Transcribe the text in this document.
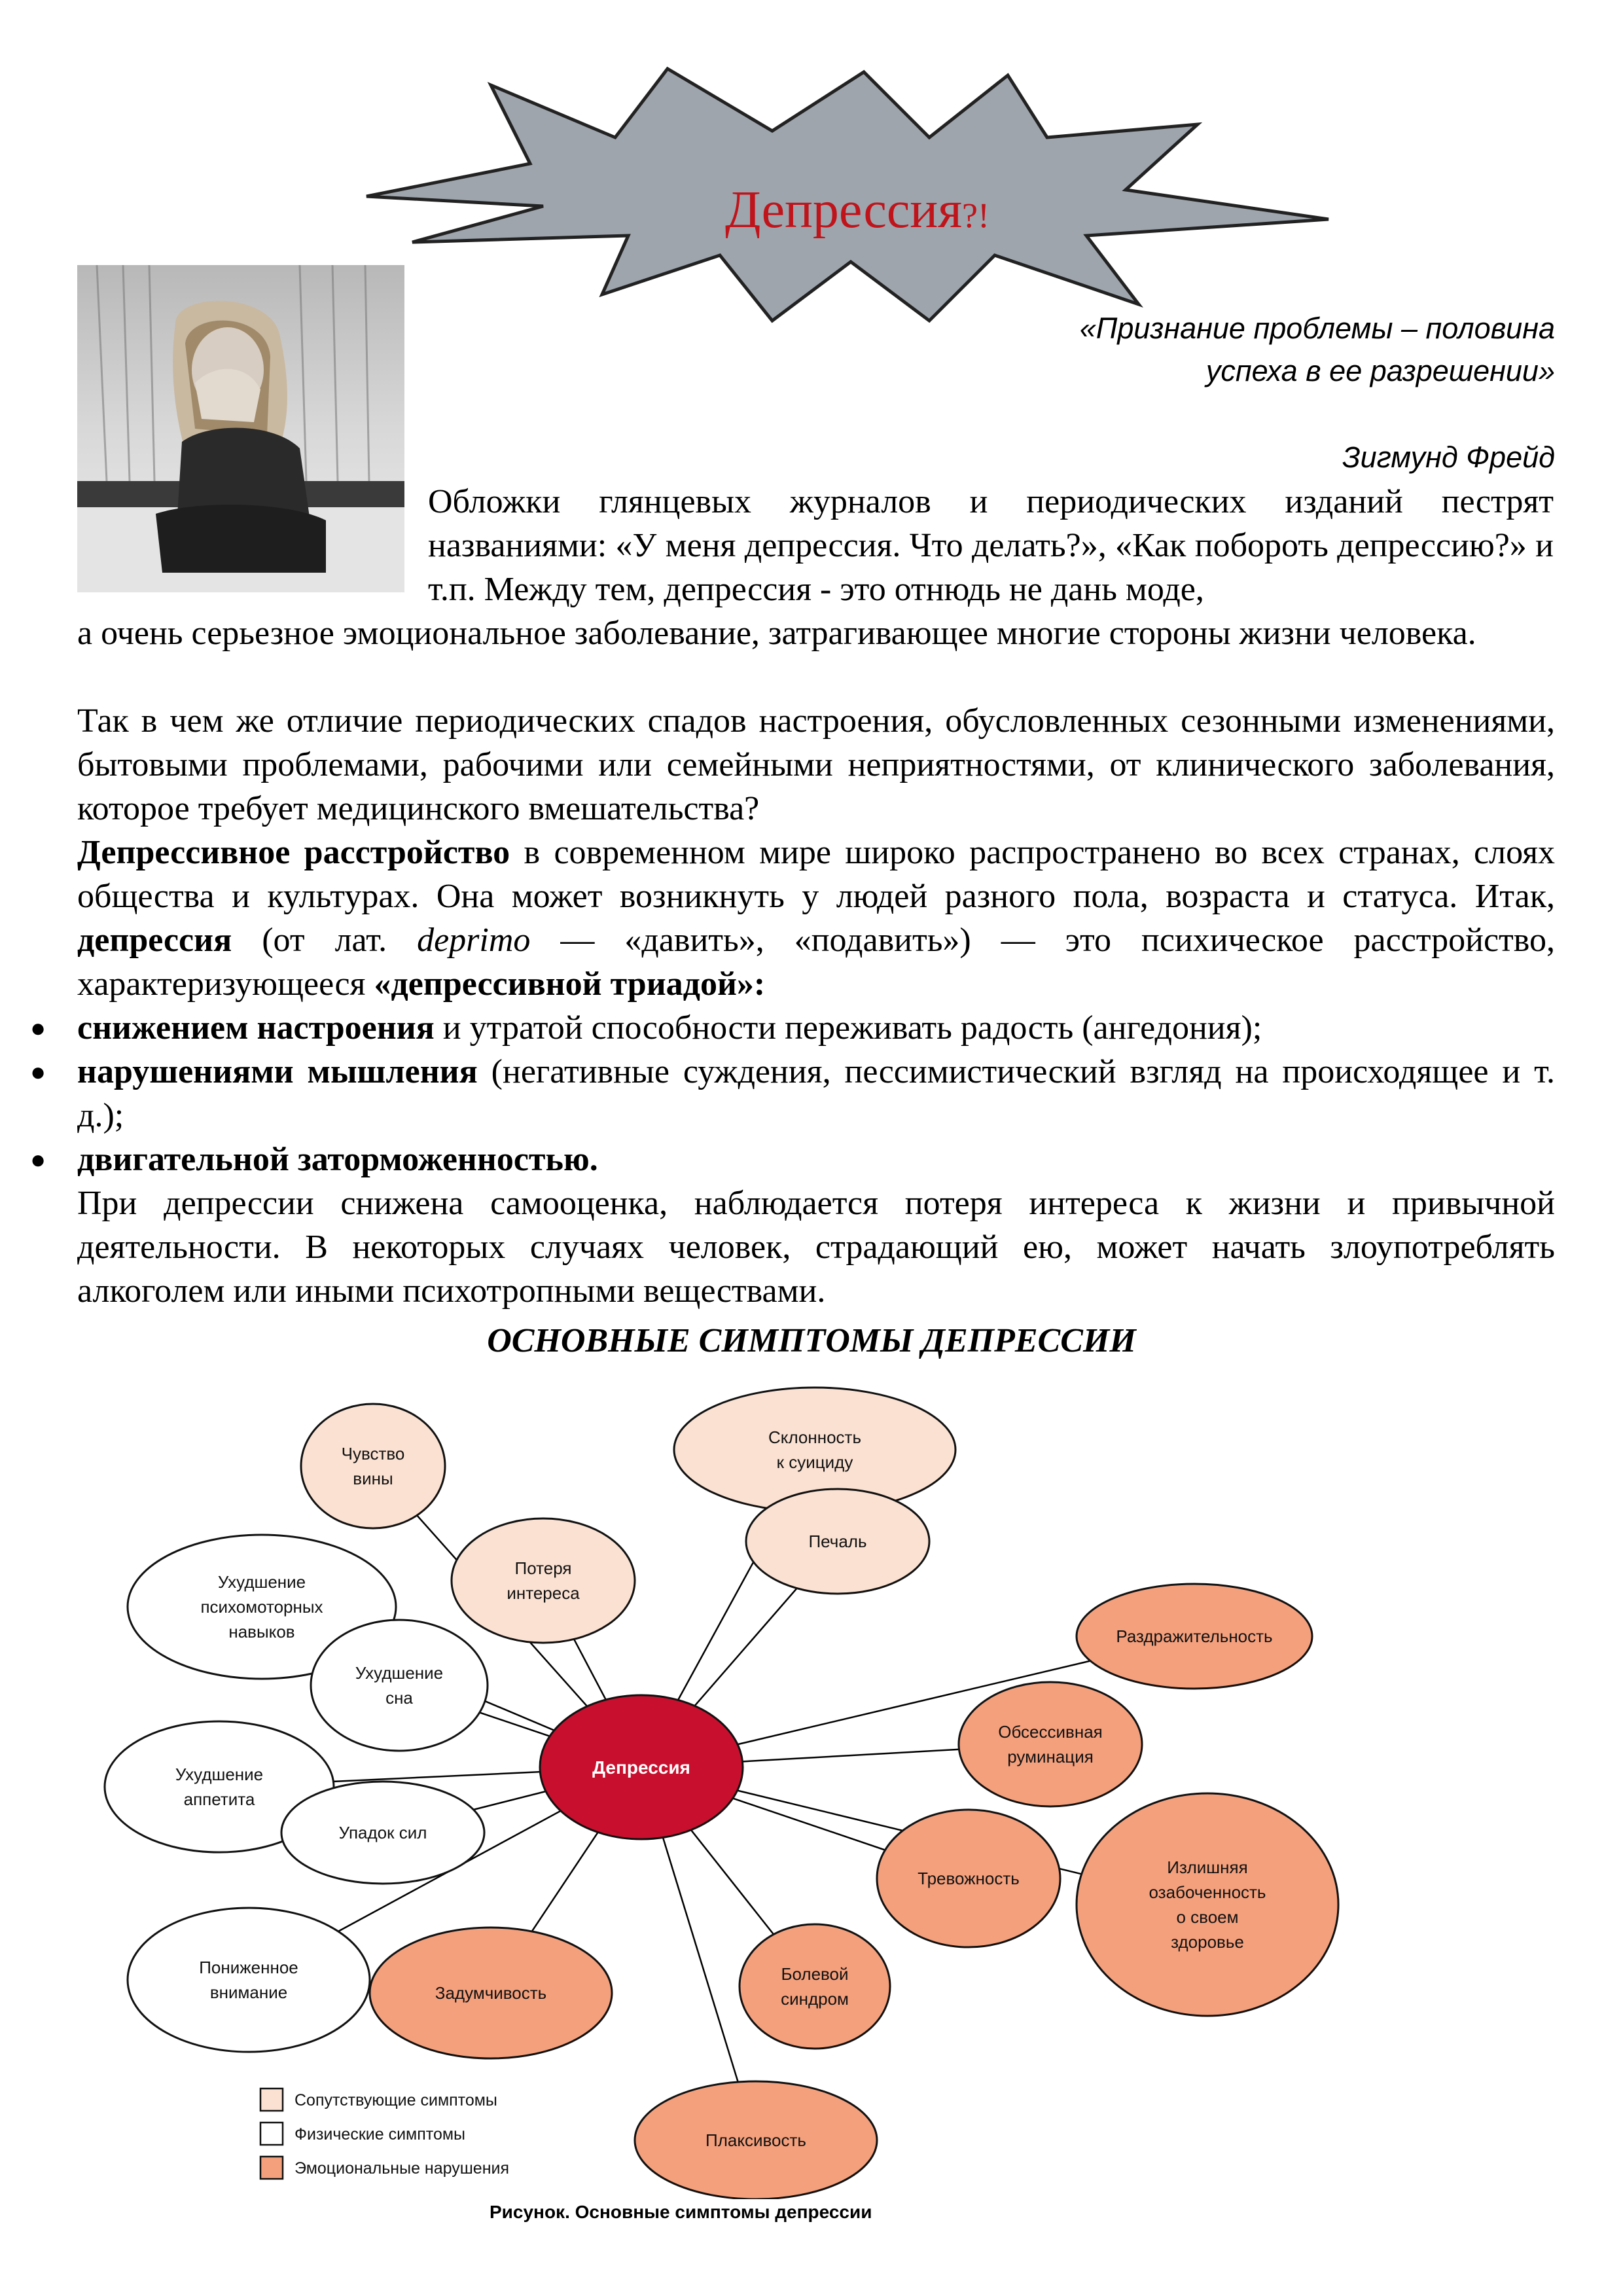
Депрессия?!
«Признание проблемы – половина
успеха в ее разрешении»
Зигмунд Фрейд

Обложки глянцевых журналов и периодических изданий пестрят названиями: «У меня депрессия. Что делать?», «Как побороть депрессию?» и т.п. Между тем, депрессия - это отнюдь не дань моде,

а очень серьезное эмоциональное заболевание, затрагивающее многие стороны жизни человека.

Так в чем же отличие периодических спадов настроения, обусловленных сезонными изменениями, бытовыми проблемами, рабочими или семейными неприятностями, от клинического заболевания, которое требует медицинского вмешательства?

Депрессивное расстройство в современном мире широко распространено во всех странах, слоях общества и культурах. Она может возникнуть у людей разного пола, возраста и статуса. Итак, депрессия (от лат. deprimo — «давить», «подавить») — это психическое расстройство, характеризующееся «депрессивной триадой»:

● снижением настроения и утратой способности переживать радость (ангедония);

● нарушениями мышления (негативные суждения, пессимистический взгляд на происходящее и т. д.);

● двигательной заторможенностью.

При депрессии снижена самооценка, наблюдается потеря интереса к жизни и привычной деятельности. В некоторых случаях человек, страдающий ею, может начать злоупотреблять алкоголем или иными психотропными веществами.

ОСНОВНЫЕ СИМПТОМЫ ДЕПРЕССИИ
Чувство
вины
Склонность
к суициду
Потеря
интереса
Печаль
Ухудшение
психомоторных
навыков
Ухудшение
сна
Ухудшение
аппетита
Упадок сил
Пониженное
внимание
Раздражительность
Обсессивная
руминация
Излишняя
озабоченность
о своем
здоровье
Тревожность
Болевой
синдром
Задумчивость
Плаксивость
Депрессия
Сопутствующие симптомы
Физические симптомы
Эмоциональные нарушения
Рисунок. Основные симптомы депрессии
